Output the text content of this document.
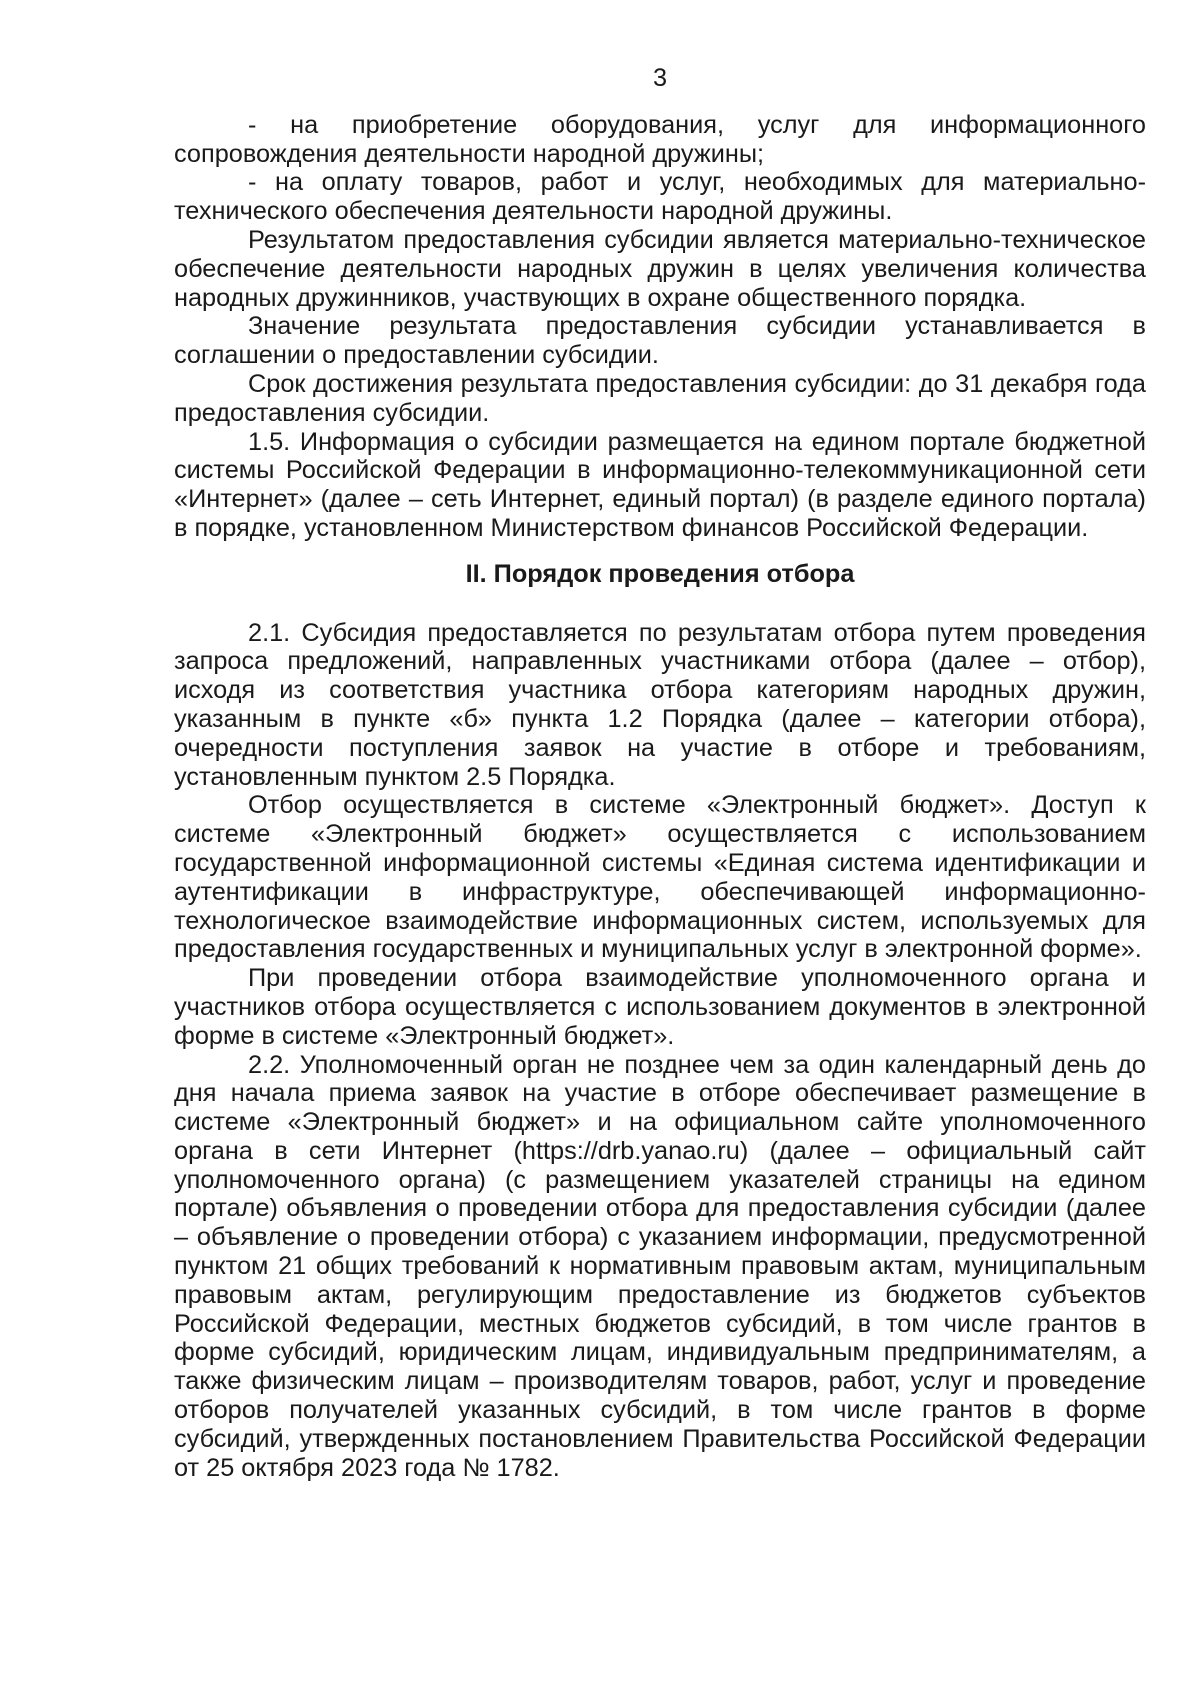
3

- на приобретение оборудования, услуг для информационного сопровождения деятельности народной дружины;

- на оплату товаров, работ и услуг, необходимых для материально-технического обеспечения деятельности народной дружины.

Результатом предоставления субсидии является материально-техническое обеспечение деятельности народных дружин в целях увеличения количества народных дружинников, участвующих в охране общественного порядка.

Значение результата предоставления субсидии устанавливается в соглашении о предоставлении субсидии.

Срок достижения результата предоставления субсидии: до 31 декабря года предоставления субсидии.

1.5. Информация о субсидии размещается на едином портале бюджетной системы Российской Федерации в информационно-телекоммуникационной сети «Интернет» (далее – сеть Интернет, единый портал) (в разделе единого портала) в порядке, установленном Министерством финансов Российской Федерации.

II. Порядок проведения отбора

2.1. Субсидия предоставляется по результатам отбора путем проведения запроса предложений, направленных участниками отбора (далее – отбор), исходя из соответствия участника отбора категориям народных дружин, указанным в пункте «б» пункта 1.2 Порядка (далее – категории отбора), очередности поступления заявок на участие в отборе и требованиям, установленным пунктом 2.5 Порядка.

Отбор осуществляется в системе «Электронный бюджет». Доступ к системе «Электронный бюджет» осуществляется с использованием государственной информационной системы «Единая система идентификации и аутентификации в инфраструктуре, обеспечивающей информационно-технологическое взаимодействие информационных систем, используемых для предоставления государственных и муниципальных услуг в электронной форме».

При проведении отбора взаимодействие уполномоченного органа и участников отбора осуществляется с использованием документов в электронной форме в системе «Электронный бюджет».

2.2. Уполномоченный орган не позднее чем за один календарный день до дня начала приема заявок на участие в отборе обеспечивает размещение в системе «Электронный бюджет» и на официальном сайте уполномоченного органа в сети Интернет (https://drb.yanao.ru) (далее – официальный сайт уполномоченного органа) (с размещением указателей страницы на едином портале) объявления о проведении отбора для предоставления субсидии (далее – объявление о проведении отбора) с указанием информации, предусмотренной пунктом 21 общих требований к нормативным правовым актам, муниципальным правовым актам, регулирующим предоставление из бюджетов субъектов Российской Федерации, местных бюджетов субсидий, в том числе грантов в форме субсидий, юридическим лицам, индивидуальным предпринимателям, а также физическим лицам – производителям товаров, работ, услуг и проведение отборов получателей указанных субсидий, в том числе грантов в форме субсидий, утвержденных постановлением Правительства Российской Федерации от 25 октября 2023 года № 1782.
